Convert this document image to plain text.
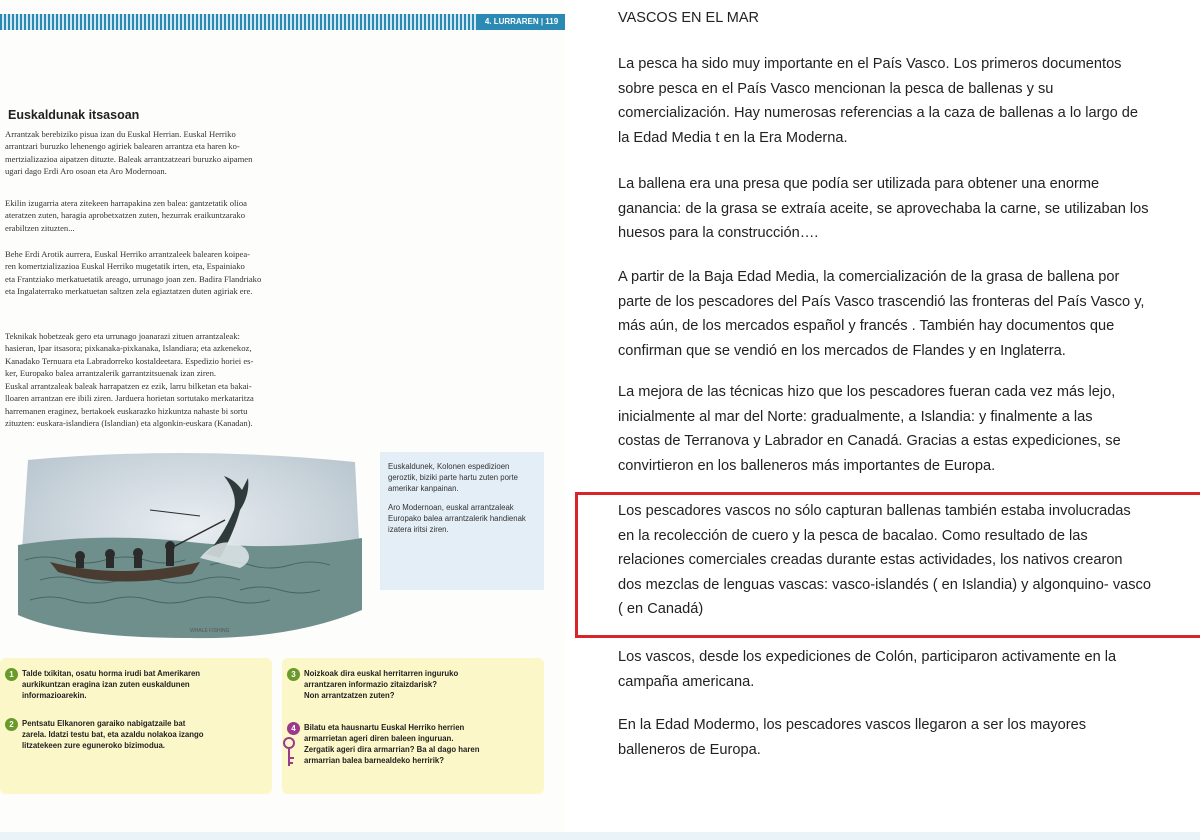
4. LURRAREN | 119
Euskaldunak itsasoan
Arrantzak berebiziko pisua izan du Euskal Herrian. Euskal Herriko
arrantzari buruzko lehenengo agiriek balearen arrantza eta haren ko-
mertzializazioa aipatzen dituzte. Baleak arrantzatzeari buruzko aipamen
ugari dago Erdi Aro osoan eta Aro Modernoan.
Ekilin izugarria atera zitekeen harrapakina zen balea: gantzetatik olioa
ateratzen zuten, haragia aprobetxatzen zuten, hezurrak eraikuntzarako
erabiltzen zituzten...
Behe Erdi Arotik aurrera, Euskal Herriko arrantzaleek balearen koipea-
ren komertzializazioa Euskal Herriko mugetatik irten, eta, Espainiako
eta Frantziako merkatuetatik areago, urrunago joan zen. Badira Flandriako
eta Ingalaterrako merkatuetan saltzen zela egiaztatzen duten agiriak ere.
Teknikak hobetzeak gero eta urrunago joanarazi zituen arrantzaleak:
hasieran, Ipar itsasora; pixkanaka-pixkanaka, Islandiara; eta azkenekoz,
Kanadako Ternuara eta Labradorreko kostaldeetara. Espedizio horiei es-
ker, Europako balea arrantzalerik garrantzitsuenak izan ziren.
Euskal arrantzaleak baleak harrapatzen ez ezik, larru bilketan eta bakai-
lloaren arrantzan ere ibili ziren. Jarduera horietan sortutako merkataritza
harremanen eraginez, bertakoek euskarazko hizkuntza nahaste bi sortu
zituzten: euskara-islandiera (Islandian) eta algonkin-euskara (Kanadan).
WHALE FISHING

Euskaldunek, Kolonen espedizioen geroztik, biziki parte hartu zuten porte amerikar kanpainan.

Aro Modernoan, euskal arrantzaleak Europako balea arrantzalerik handienak izatera iritsi ziren.

1	Talde txikitan, osatu horma irudi bat Amerikaren
aurkikuntzan eragina izan zuten euskaldunen
informazioarekin.
2	Pentsatu Elkanoren garaiko nabigatzaile bat
zarela. Idatzi testu bat, eta azaldu nolakoa izango
litzatekeen zure eguneroko bizimodua.
3	Noizkoak dira euskal herritarren inguruko
arrantzaren informazio zitaizdarisk?
Non arrantzatzen zuten?
4	Bilatu eta hausnartu Euskal Herriko herrien
armarrietan ageri diren baleen inguruan.
Zergatik ageri dira armarrian? Ba al dago haren
armarrian balea barnealdeko herririk?
VASCOS EN EL MAR
La pesca ha sido muy importante en el País Vasco. Los primeros documentos
sobre pesca en el País Vasco mencionan la pesca de ballenas y su
comercialización. Hay numerosas referencias a la caza de ballenas a lo largo de
la Edad Media t en la Era Moderna.
La ballena era una presa que podía ser utilizada para obtener una enorme
ganancia: de la grasa se extraía aceite, se aprovechaba la carne, se utilizaban los
huesos para la construcción….
A partir de la Baja Edad Media, la comercialización de la grasa de ballena por
parte de los pescadores del País Vasco trascendió las fronteras del País Vasco y,
más aún, de los mercados español y francés . También hay documentos que
confirman que se vendió en los mercados de Flandes y en Inglaterra.
La mejora de las técnicas hizo que los pescadores fueran cada vez más lejo,
inicialmente al mar del Norte: gradualmente, a Islandia: y finalmente a las
costas de Terranova y Labrador en Canadá. Gracias a estas expediciones, se
convirtieron en los balleneros más importantes de Europa.
Los pescadores vascos no sólo capturan ballenas también estaba involucradas
en la recolección de cuero y la pesca de bacalao. Como resultado de las
relaciones comerciales creadas durante estas actividades, los nativos crearon
dos mezclas de lenguas vascas: vasco-islandés ( en Islandia) y algonquino- vasco
( en Canadá)
Los vascos, desde los expediciones de Colón, participaron activamente en la
campaña americana.
En la Edad Modermo, los pescadores vascos llegaron a ser los mayores
balleneros de Europa.
